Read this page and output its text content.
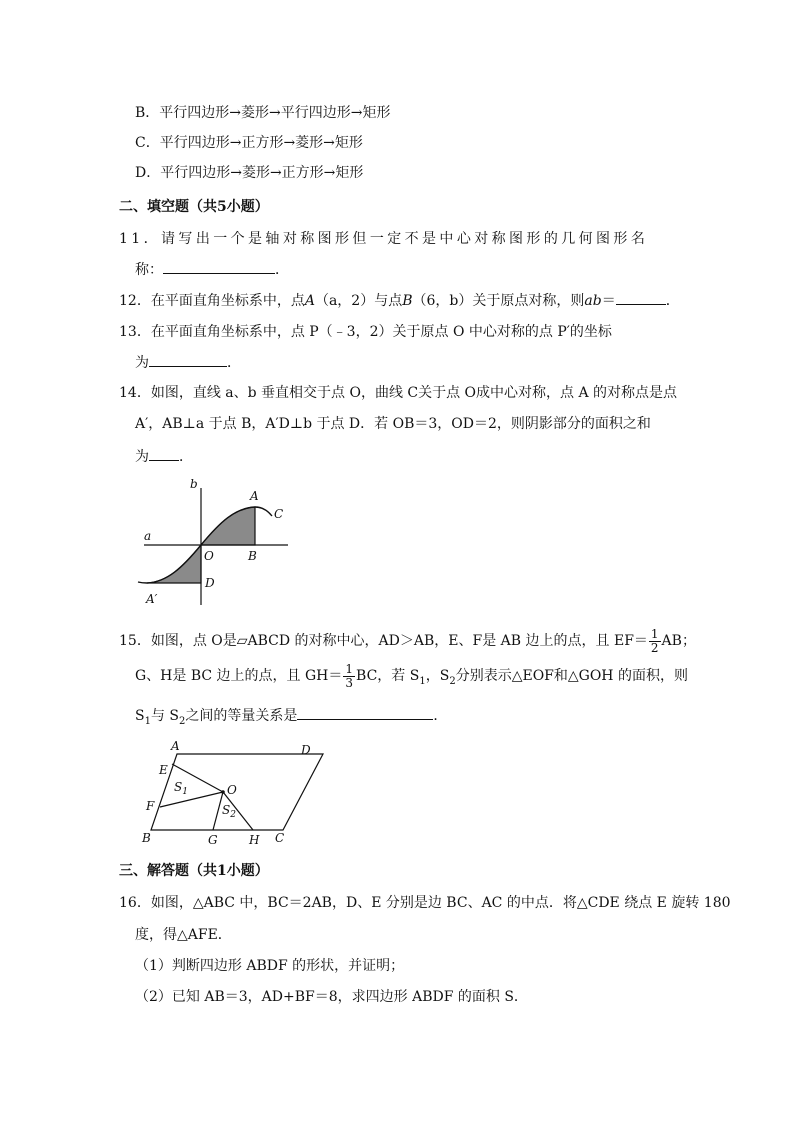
B．平行四边形→菱形→平行四边形→矩形
C．平行四边形→正方形→菱形→矩形
D．平行四边形→菱形→正方形→矩形
二、填空题（共5小题）
11．请写出一个是轴对称图形但一定不是中心对称图形的几何图形名
称：	．
12．在平面直角坐标系中，点A（a，2）与点B（6，b）关于原点对称，则ab＝	．
13．在平面直角坐标系中，点 P（﹣3，2）关于原点 O 中心对称的点 P′的坐标
为	．
14．如图，直线 a、b 垂直相交于点 O，曲线 C关于点 O成中心对称，点 A 的对称点是点
A′，AB⊥a 于点 B，A′D⊥b 于点 D．若 OB＝3，OD＝2，则阴影部分的面积之和
为 ．
b
A
C
a
O	B
D
A′
15．如图，点 O是▱ABCD 的对称中心，AD＞AB，E、F是 AB 边上的点，且 $EF= \frac{1}{2}$ AB；
G、H是 BC 边上的点，且 $GH= \frac{1}{3}$ BC，若 $S_1$，$S_2$分别表示△EOF和△GOH 的面积，则
$S_1$与 $S_2$之间的等量关系是	．
A	D
E
$S_1$	O
F	$S_2$
B	G	H C
三、解答题（共1小题）
16．如图，△ABC 中，BC＝2AB，D、E 分别是边 BC、AC 的中点．将△CDE 绕点 E 旋转 180
度，得△AFE．
（1）判断四边形 ABDF 的形状，并证明；
（2）已知 AB＝3，AD+BF＝8，求四边形 ABDF 的面积 S．
